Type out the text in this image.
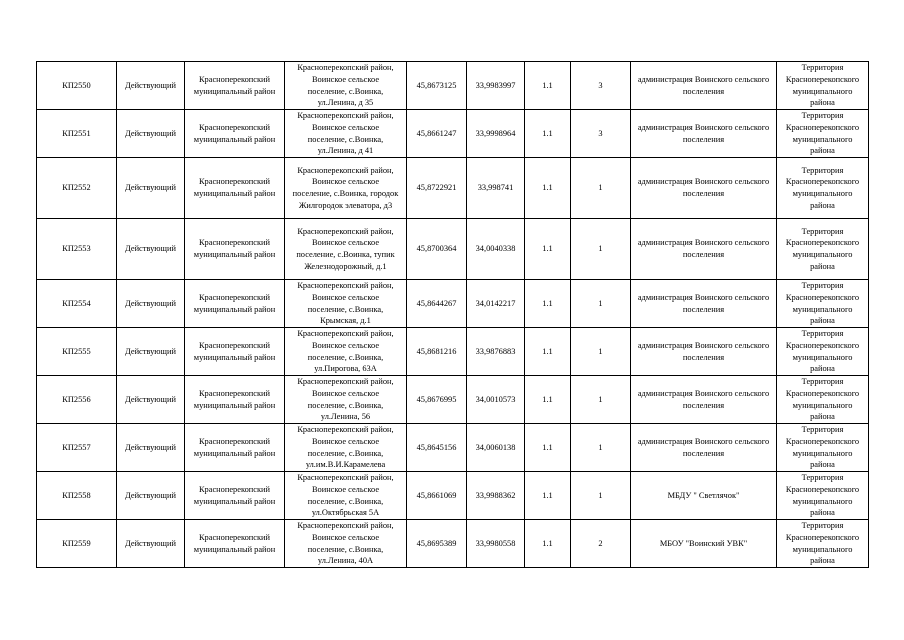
КП2550	Действующий	Красноперекопский муниципальный район	Красноперекопский район,
Воинское сельское
поселение, с.Воинка,
ул.Ленина, д 35	45,8673125	33,9983997	1.1	3	администрация Воинского сельского послеления	Территория
Красноперекопского
муниципального
района
КП2551	Действующий	Красноперекопский муниципальный район	Красноперекопский район,
Воинское сельское
поселение, с.Воинка,
ул.Ленина, д 41	45,8661247	33,9998964	1.1	3	администрация Воинского сельского послеления	Территория
Красноперекопского
муниципального
района
КП2552	Действующий	Красноперекопский муниципальный район	Красноперекопский район,
Воинское сельское
поселение, с.Воинка, городок
Жилгородок элеватора, д3	45,8722921	33,998741	1.1	1	администрация Воинского сельского послеления	Территория
Красноперекопского
муниципального
района
КП2553	Действующий	Красноперекопский муниципальный район	Красноперекопский район,
Воинское сельское
поселение, с.Воинка, тупик
Железнодорожный, д.1	45,8700364	34,0040338	1.1	1	администрация Воинского сельского послеления	Территория
Красноперекопского
муниципального
района
КП2554	Действующий	Красноперекопский муниципальный район	Красноперекопский район,
Воинское сельское
поселение, с.Воинка,
Крымская, д.1	45,8644267	34,0142217	1.1	1	администрация Воинского сельского послеления	Территория
Красноперекопского
муниципального
района
КП2555	Действующий	Красноперекопский муниципальный район	Красноперекопский район,
Воинское сельское
поселение, с.Воинка,
ул.Пирогова, 63А	45,8681216	33,9876883	1.1	1	администрация Воинского сельского послеления	Территория
Красноперекопского
муниципального
района
КП2556	Действующий	Красноперекопский муниципальный район	Красноперекопский район,
Воинское сельское
поселение, с.Воинка,
ул.Ленина, 56	45,8676995	34,0010573	1.1	1	администрация Воинского сельского послеления	Территория
Красноперекопского
муниципального
района
КП2557	Действующий	Красноперекопский муниципальный район	Красноперекопский район,
Воинское сельское
поселение, с.Воинка,
ул.им.В.И.Карамелева	45,8645156	34,0060138	1.1	1	администрация Воинского сельского послеления	Территория
Красноперекопского
муниципального
района
КП2558	Действующий	Красноперекопский муниципальный район	Красноперекопский район,
Воинское сельское
поселение, с.Воинка,
ул.Октябрьская 5А	45,8661069	33,9988362	1.1	1	МБДУ " Светлячок"	Территория
Красноперекопского
муниципального
района
КП2559	Действующий	Красноперекопский муниципальный район	Красноперекопский район,
Воинское сельское
поселение, с.Воинка,
ул.Ленина, 40А	45,8695389	33,9980558	1.1	2	МБОУ "Воинский УВК"	Территория
Красноперекопского
муниципального
района
